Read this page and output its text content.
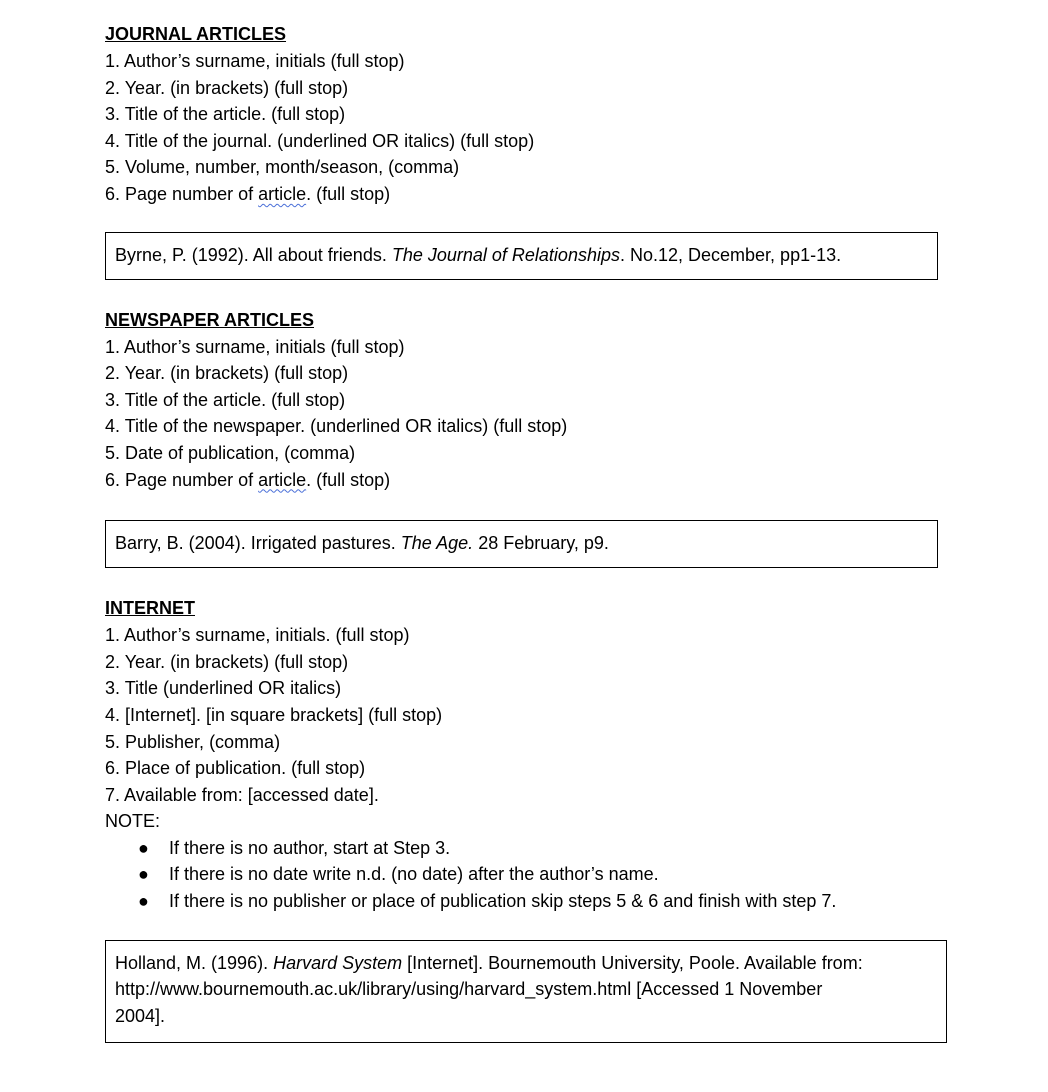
JOURNAL ARTICLES
1. Author’s surname, initials (full stop)
2. Year. (in brackets) (full stop)
3. Title of the article. (full stop)
4. Title of the journal. (underlined OR italics) (full stop)
5. Volume, number, month/season, (comma)
6. Page number of article. (full stop)
Byrne, P. (1992). All about friends. The Journal of Relationships. No.12, December, pp1-13.
NEWSPAPER ARTICLES
1. Author’s surname, initials (full stop)
2. Year. (in brackets) (full stop)
3. Title of the article. (full stop)
4. Title of the newspaper. (underlined OR italics) (full stop)
5. Date of publication, (comma)
6. Page number of article. (full stop)
Barry, B. (2004). Irrigated pastures. The Age. 28 February, p9.
INTERNET
1. Author’s surname, initials. (full stop)
2. Year. (in brackets) (full stop)
3. Title (underlined OR italics)
4. [Internet]. [in square brackets] (full stop)
5. Publisher, (comma)
6. Place of publication. (full stop)
7. Available from: [accessed date].
NOTE:
● If there is no author, start at Step 3.
● If there is no date write n.d. (no date) after the author’s name.
● If there is no publisher or place of publication skip steps 5 & 6 and finish with step 7.
Holland, M. (1996). Harvard System [Internet]. Bournemouth University, Poole. Available from:
http://www.bournemouth.ac.uk/library/using/harvard_system.html [Accessed 1 November
2004].
